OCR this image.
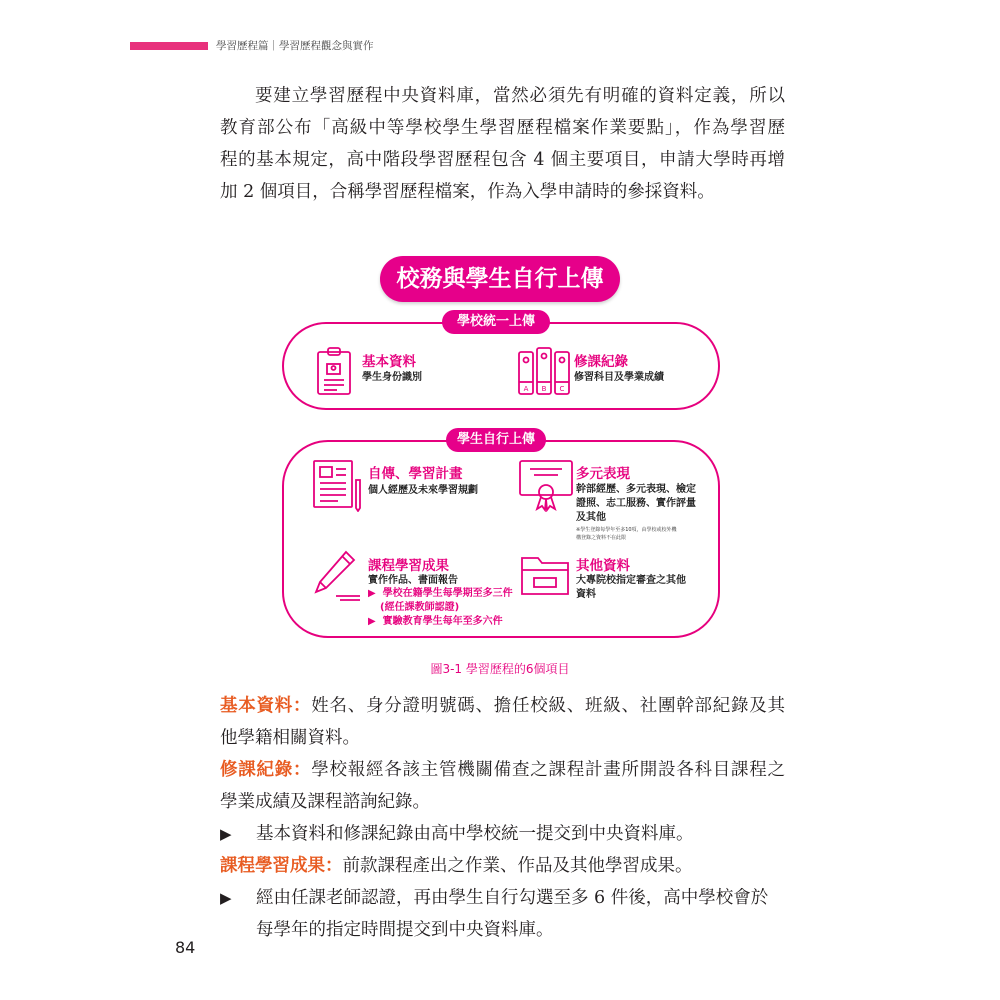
學習歷程篇｜學習歷程觀念與實作
要建立學習歷程中央資料庫，當然必須先有明確的資料定義，所以
教育部公布「高級中等學校學生學習歷程檔案作業要點」，作為學習歷
程的基本規定，高中階段學習歷程包含 4 個主要項目，申請大學時再增
加 2 個項目，合稱學習歷程檔案，作為入學申請時的參採資料。
校務與學生自行上傳
學校統一上傳
基本資料
學生身份識別
A B C
修課紀錄
修習科目及學業成績
學生自行上傳
自傳、學習計畫
個人經歷及未來學習規劃
多元表現
幹部經歷、多元表現、檢定
證照、志工服務、實作評量
及其他
※學生登錄每學年至多10項，由學校或校外機
構登錄之資料不在此限
課程學習成果
實作作品、書面報告
▶  學校在籍學生每學期至多三件
(經任課教師認證)
▶  實驗教育學生每年至多六件
其他資料
大專院校指定審查之其他
資料
圖3-1 學習歷程的6個項目
基本資料：姓名、身分證明號碼、擔任校級、班級、社團幹部紀錄及其
他學籍相關資料。
修課紀錄：學校報經各該主管機關備查之課程計畫所開設各科目課程之
學業成績及課程諮詢紀錄。
▶ 基本資料和修課紀錄由高中學校統一提交到中央資料庫。
課程學習成果：前款課程產出之作業、作品及其他學習成果。
▶ 經由任課老師認證，再由學生自行勾選至多 6 件後，高中學校會於
每學年的指定時間提交到中央資料庫。
84
